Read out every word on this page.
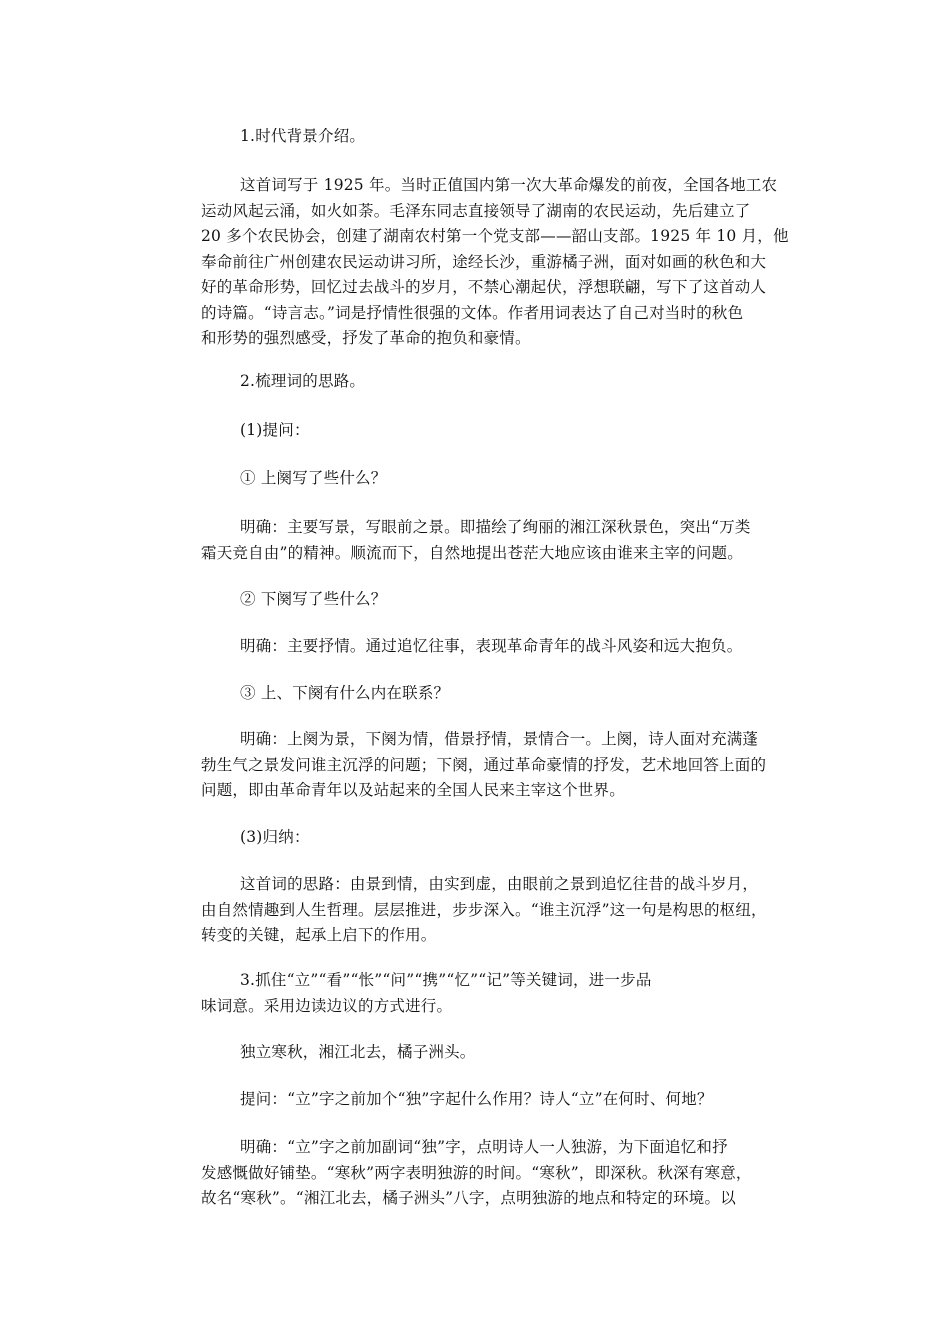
1.时代背景介绍。

这首词写于 1925 年。当时正值国内第一次大革命爆发的前夜，全国各地工农
运动风起云涌，如火如荼。毛泽东同志直接领导了湖南的农民运动，先后建立了
20 多个农民协会，创建了湖南农村第一个党支部——韶山支部。1925 年 10 月，他
奉命前往广州创建农民运动讲习所，途经长沙，重游橘子洲，面对如画的秋色和大
好的革命形势，回忆过去战斗的岁月，不禁心潮起伏，浮想联翩，写下了这首动人
的诗篇。“诗言志。”词是抒情性很强的文体。作者用词表达了自己对当时的秋色
和形势的强烈感受，抒发了革命的抱负和豪情。

2.梳理词的思路。

(1)提问：

① 上阕写了些什么？

明确：主要写景，写眼前之景。即描绘了绚丽的湘江深秋景色，突出“万类
霜天竞自由”的精神。顺流而下，自然地提出苍茫大地应该由谁来主宰的问题。

② 下阕写了些什么？

明确：主要抒情。通过追忆往事，表现革命青年的战斗风姿和远大抱负。

③ 上、下阕有什么内在联系？

明确：上阕为景，下阕为情，借景抒情，景情合一。上阕，诗人面对充满蓬
勃生气之景发问谁主沉浮的问题；下阕，通过革命豪情的抒发，艺术地回答上面的
问题，即由革命青年以及站起来的全国人民来主宰这个世界。

(3)归纳：

这首词的思路：由景到情，由实到虚，由眼前之景到追忆往昔的战斗岁月，
由自然情趣到人生哲理。层层推进，步步深入。“谁主沉浮”这一句是构思的枢纽，
转变的关键，起承上启下的作用。

3.抓住“立”“看”“怅”“问”“携”“忆”“记”等关键词，进一步品
味词意。采用边读边议的方式进行。

独立寒秋，湘江北去，橘子洲头。

提问：“立”字之前加个“独”字起什么作用？诗人“立”在何时、何地？

明确：“立”字之前加副词“独”字，点明诗人一人独游，为下面追忆和抒
发感慨做好铺垫。“寒秋”两字表明独游的时间。“寒秋”，即深秋。秋深有寒意，
故名“寒秋”。“湘江北去，橘子洲头”八字，点明独游的地点和特定的环境。以
